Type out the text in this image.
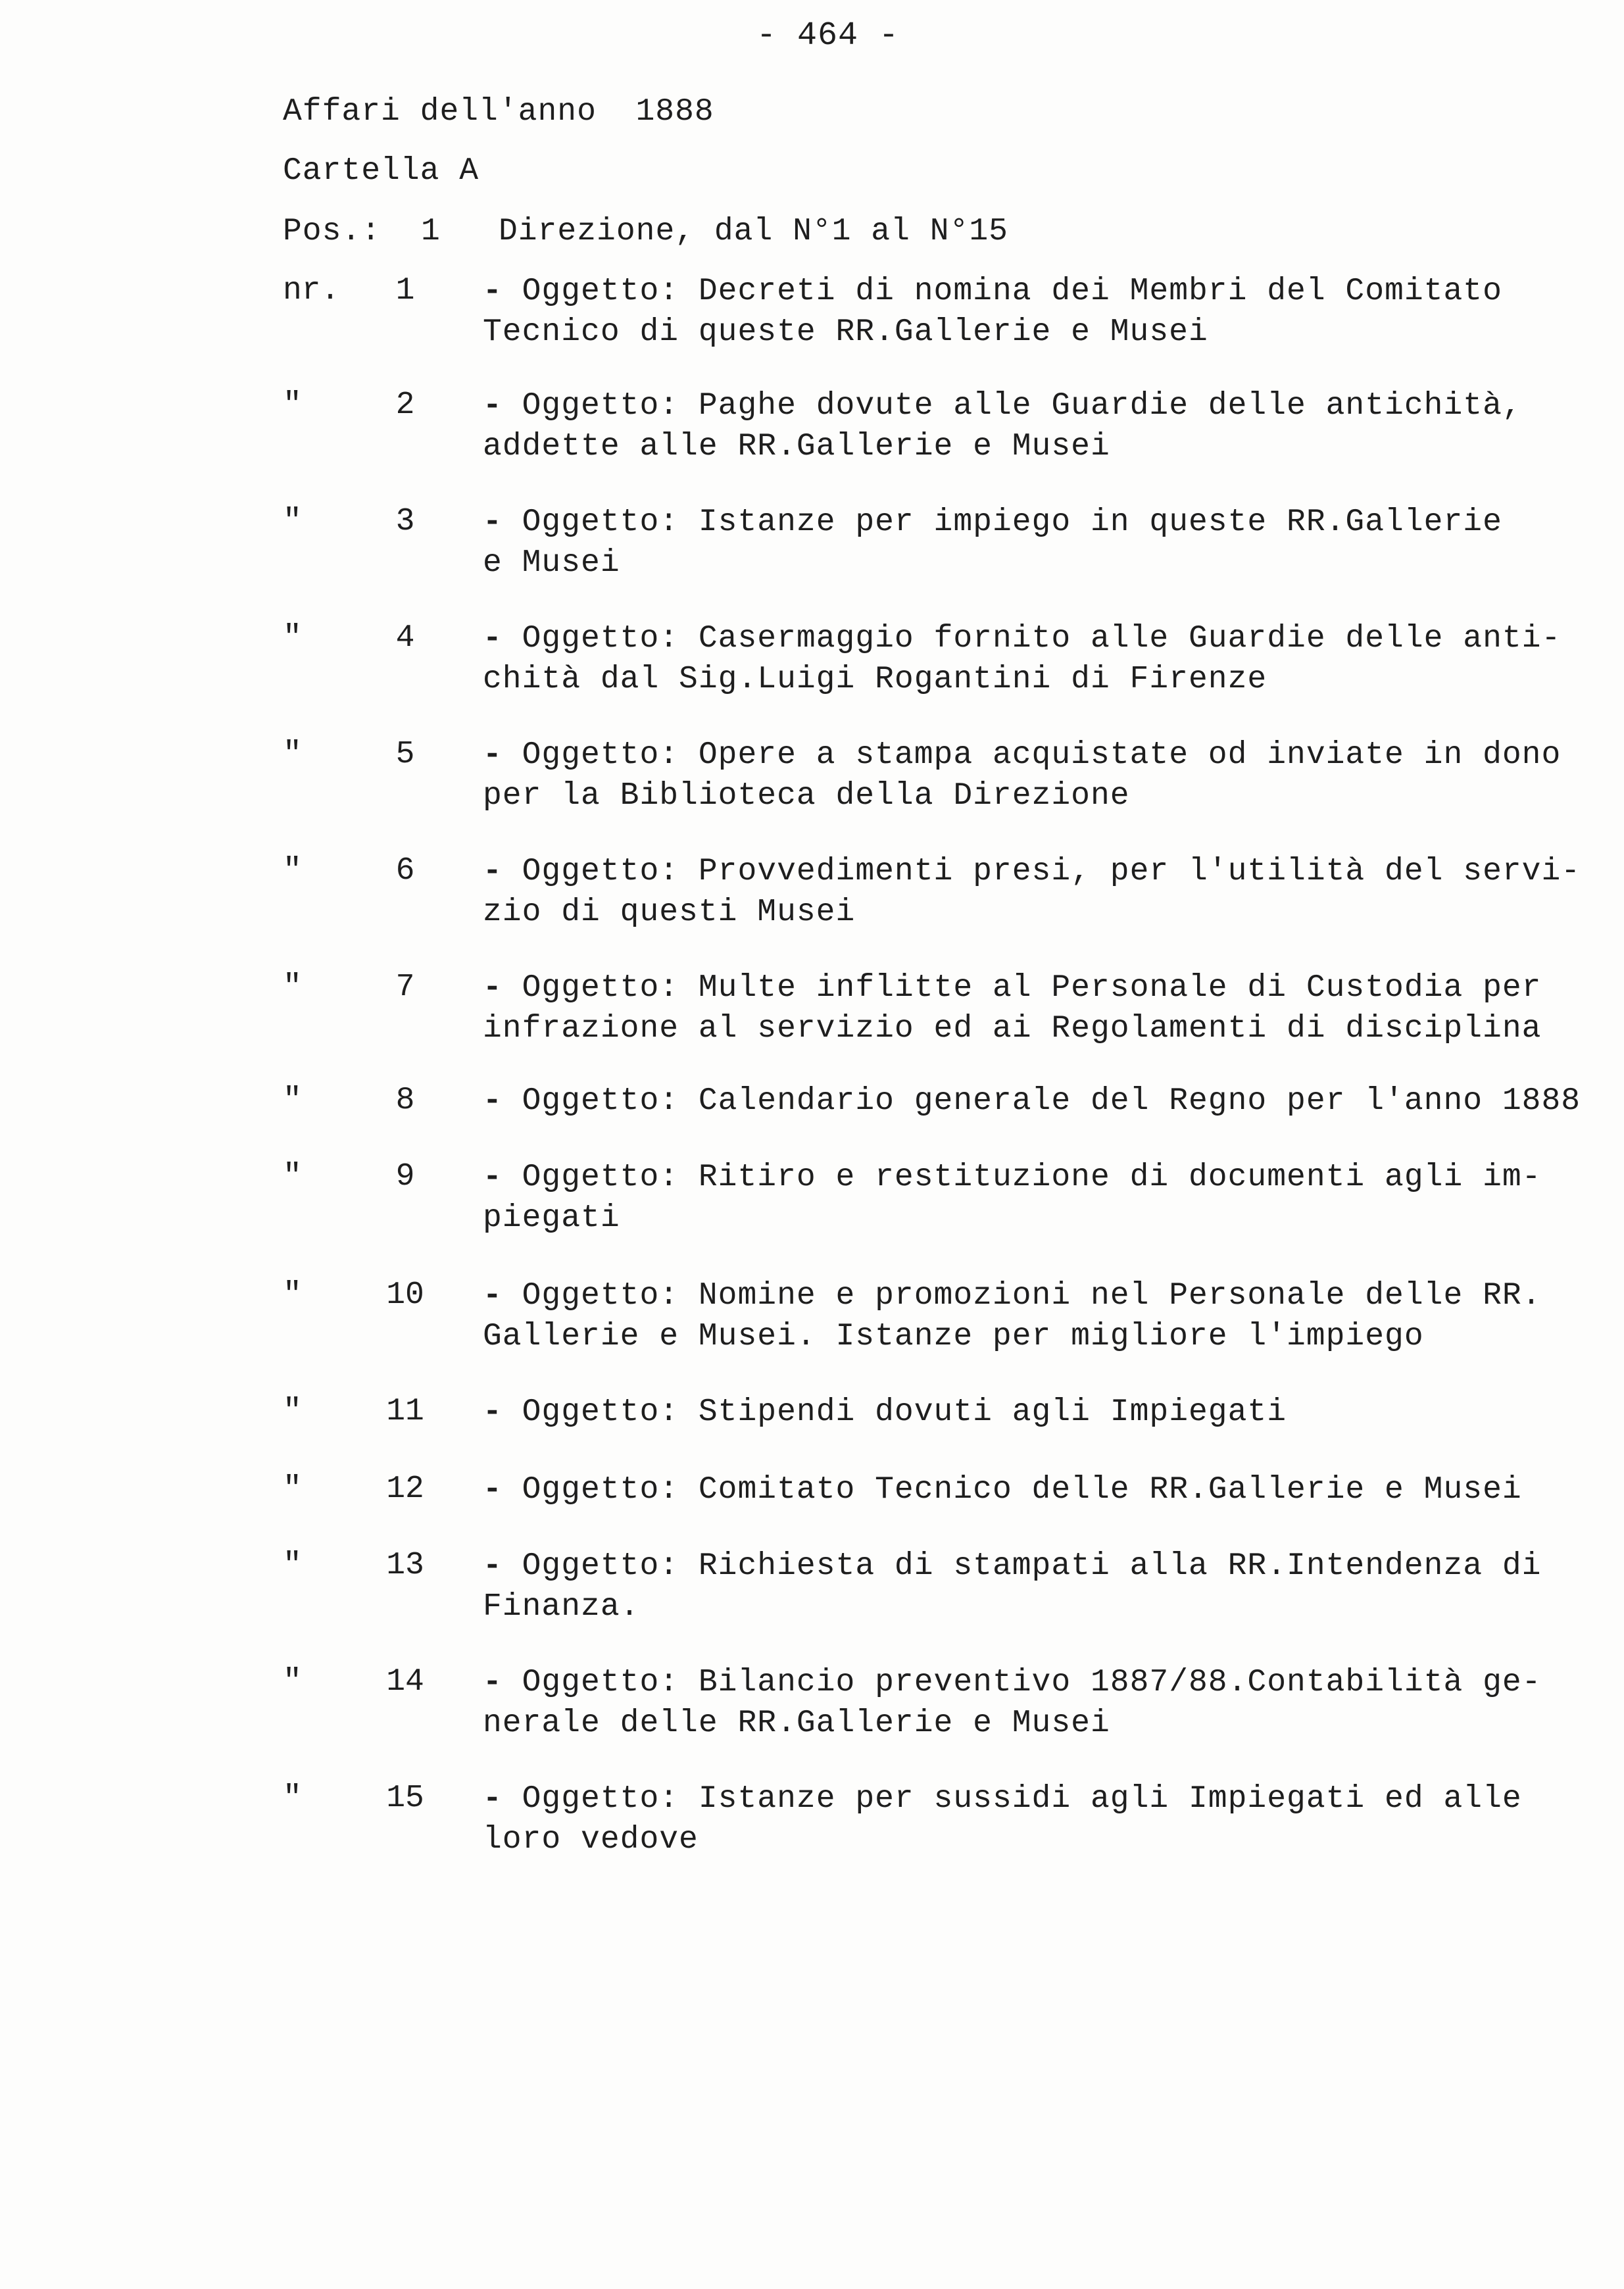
- 464 -
Affari dell'anno  1888
Cartella A
Pos.: 1 Direzione, dal N°1 al N°15
nr.	1	- Oggetto: Decreti di nomina dei Membri del Comitato
Tecnico di queste RR.Gallerie e Musei
"	2	- Oggetto: Paghe dovute alle Guardie delle antichità,
addette alle RR.Gallerie e Musei
"	3	- Oggetto: Istanze per impiego in queste RR.Gallerie
e Musei
"	4	- Oggetto: Casermaggio fornito alle Guardie delle anti-
chità dal Sig.Luigi Rogantini di Firenze
"	5	- Oggetto: Opere a stampa acquistate od inviate in dono
per la Biblioteca della Direzione
"	6	- Oggetto: Provvedimenti presi, per l'utilità del servi-
zio di questi Musei
"	7	- Oggetto: Multe inflitte al Personale di Custodia per
infrazione al servizio ed ai Regolamenti di disciplina
"	8	- Oggetto: Calendario generale del Regno per l'anno 1888
"	9	- Oggetto: Ritiro e restituzione di documenti agli im-
piegati
"	10	- Oggetto: Nomine e promozioni nel Personale delle RR.
Gallerie e Musei. Istanze per migliore l'impiego
"	11	- Oggetto: Stipendi dovuti agli Impiegati
"	12	- Oggetto: Comitato Tecnico delle RR.Gallerie e Musei
"	13	- Oggetto: Richiesta di stampati alla RR.Intendenza di
Finanza.
"	14	- Oggetto: Bilancio preventivo 1887/88.Contabilità ge-
nerale delle RR.Gallerie e Musei
"	15	- Oggetto: Istanze per sussidi agli Impiegati ed alle
loro vedove
